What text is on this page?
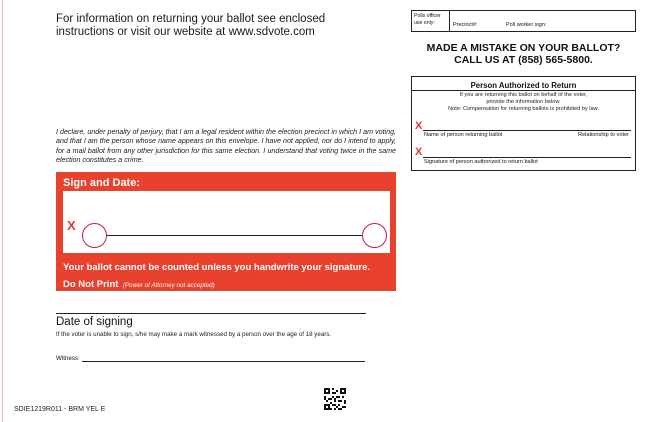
For information on returning your ballot see enclosed
instructions or visit our website at www.sdvote.com
Polls officer
use only:	Precinct#:	Poll worker sign:
MADE A MISTAKE ON YOUR BALLOT?
CALL US AT (858) 565-5800.
Person Authorized to Return
If you are returning this ballot on behalf of the voter,
provide the information below.
Note: Compensation for returning ballots is prohibited by law.
X
Name of person returning ballot	Relationship to voter
X
Signature of person authorized to return ballot
I declare, under penalty of perjury, that I am a legal resident within the election precinct in which I am voting, and that I am the person whose name appears on this envelope. I have not applied, nor do I intend to apply, for a mail ballot from any other jurisdiction for this same election. I understand that voting twice in the same election constitutes a crime.
Sign and Date:
X
Your ballot cannot be counted unless you handwrite your signature.
Do Not Print (Power of Attorney not accepted)
Date of signing
If the voter is unable to sign, s/he may make a mark witnessed by a person over the age of 18 years.
Witness
SDIE1219R011 - BRM YEL E
